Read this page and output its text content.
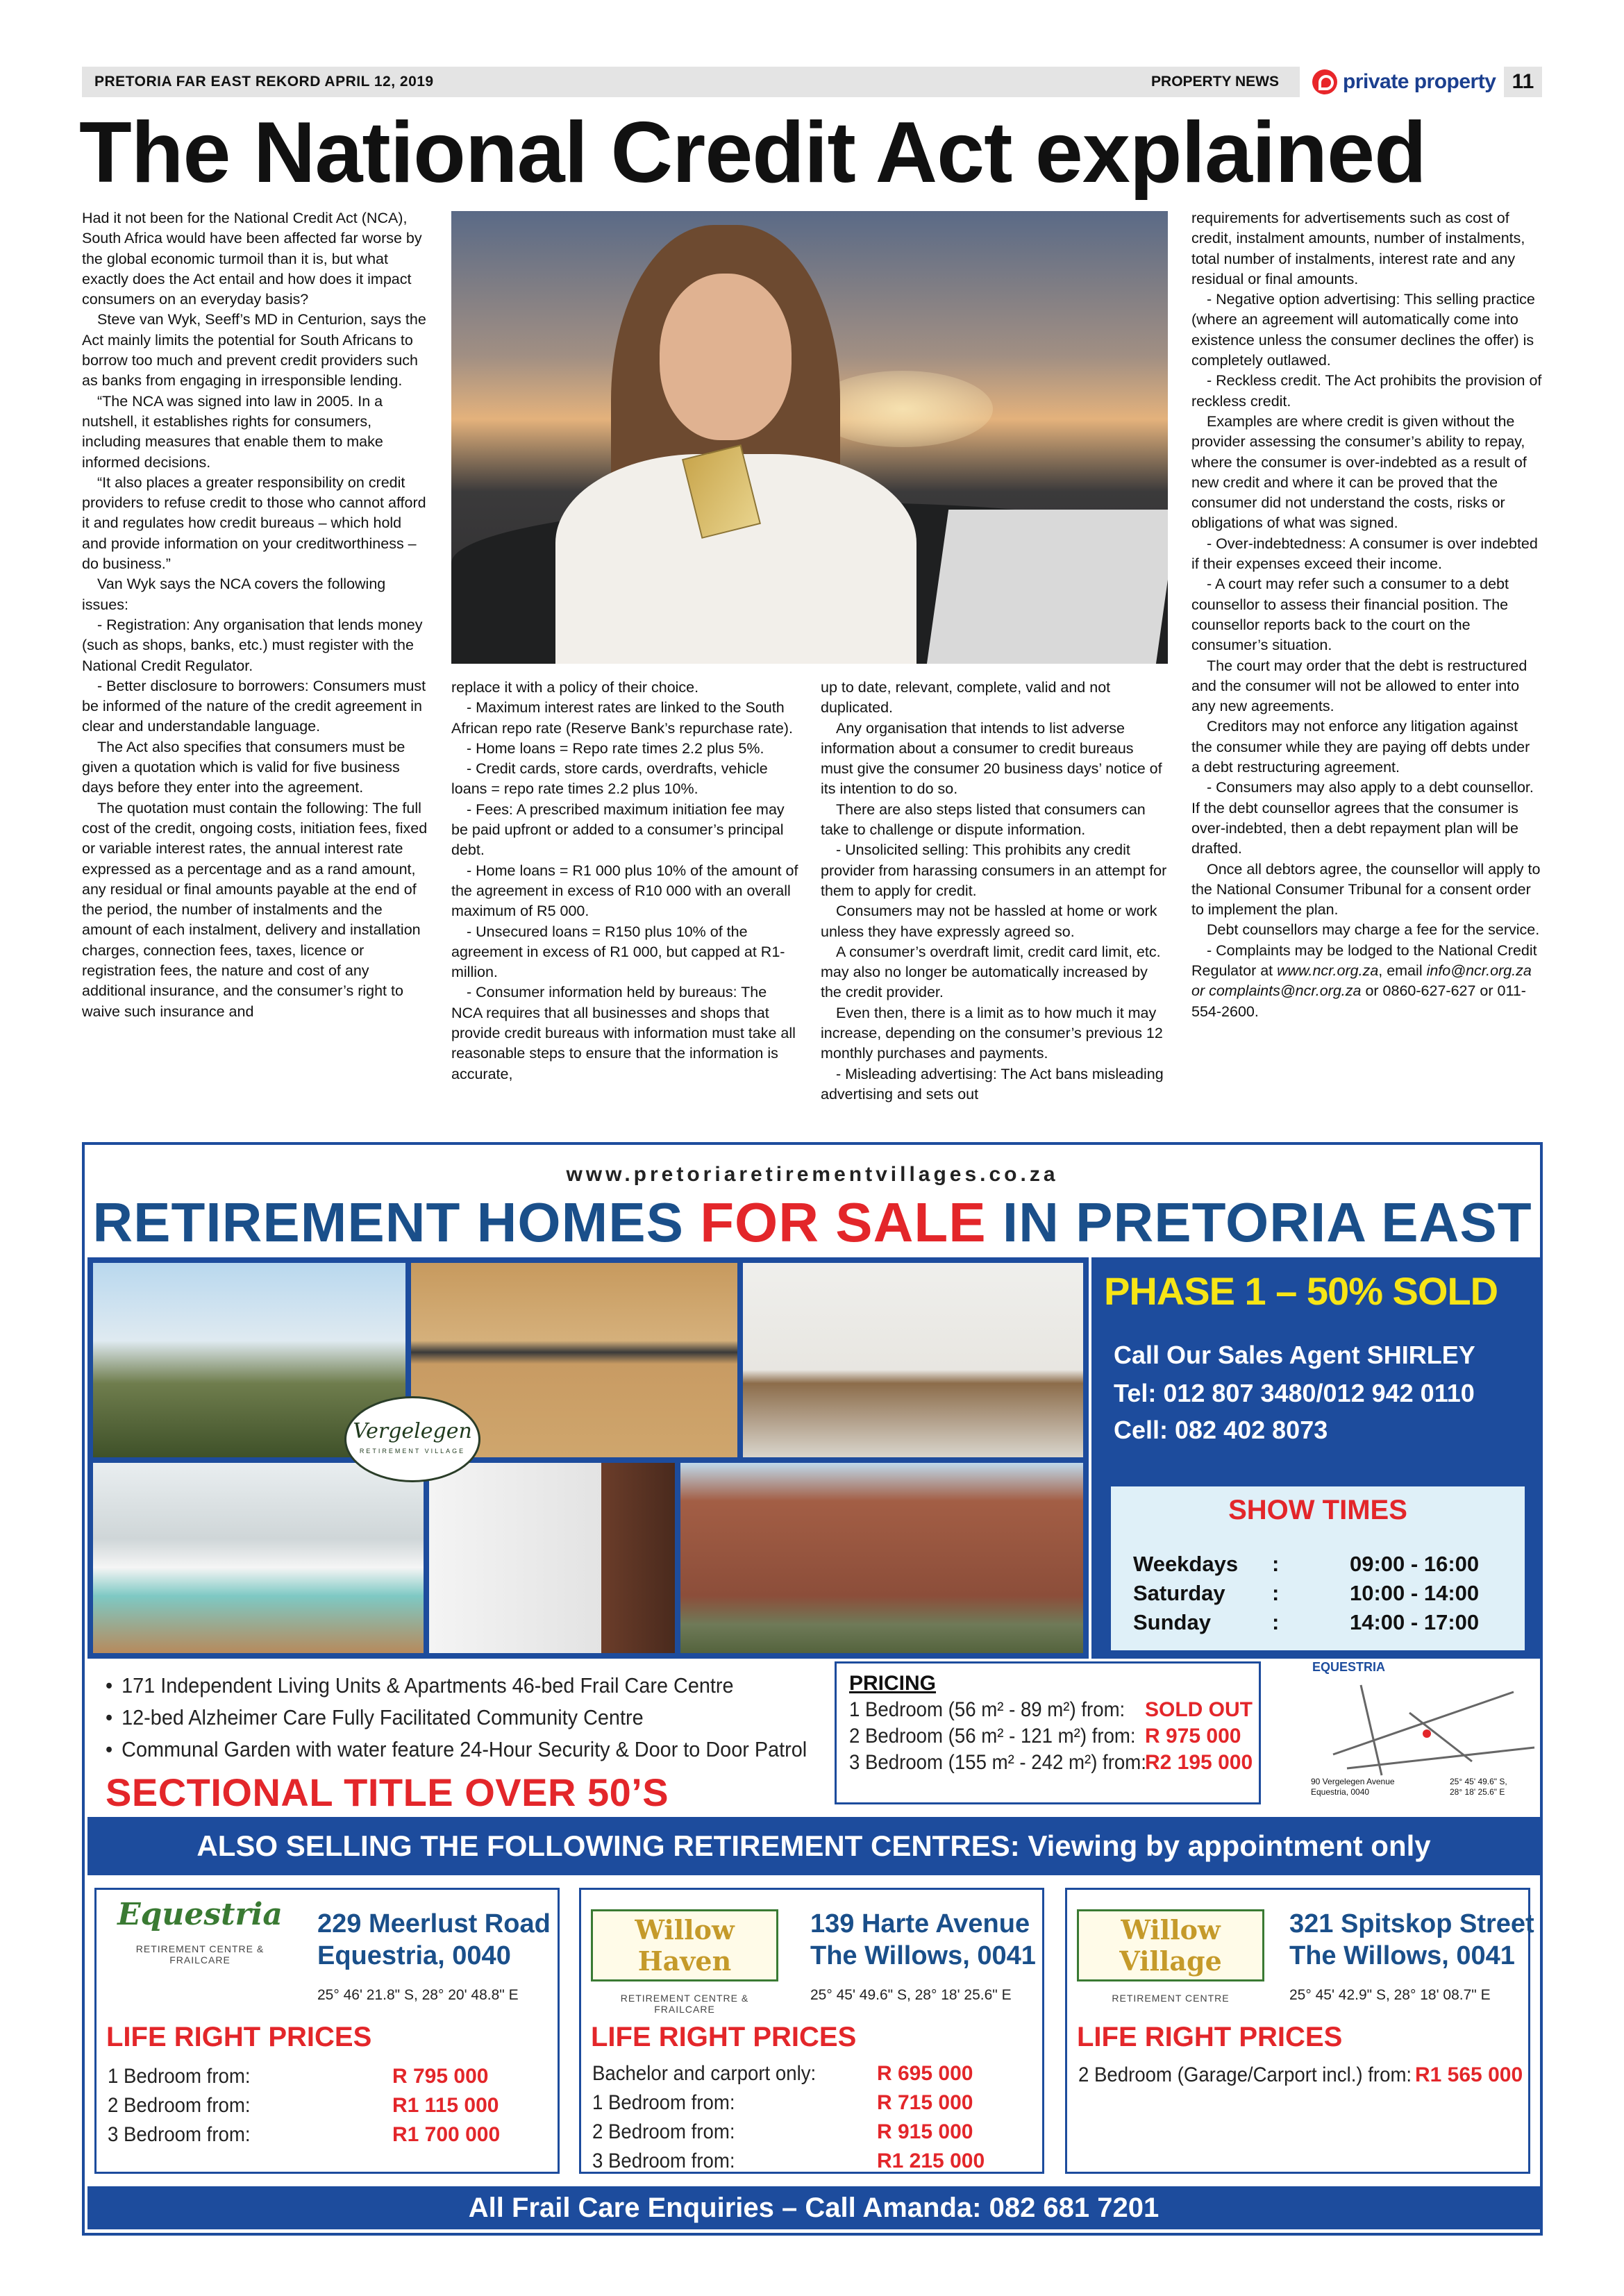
PRETORIA FAR EAST REKORD APRIL 12, 2019	PROPERTY NEWS	private property 11
The National Credit Act explained

Had it not been for the National Credit Act (NCA), South Africa would have been affected far worse by the global economic turmoil than it is, but what exactly does the Act entail and how does it impact consumers on an everyday basis?

Steve van Wyk, Seeff’s MD in Centurion, says the Act mainly limits the potential for South Africans to borrow too much and prevent credit providers such as banks from engaging in irresponsible lending.

“The NCA was signed into law in 2005. In a nutshell, it establishes rights for consumers, including measures that enable them to make informed decisions.

“It also places a greater responsibility on credit providers to refuse credit to those who cannot afford it and regulates how credit bureaus – which hold and provide information on your creditworthiness – do business.”

Van Wyk says the NCA covers the following issues:

- Registration: Any organisation that lends money (such as shops, banks, etc.) must register with the National Credit Regulator.

- Better disclosure to borrowers: Consumers must be informed of the nature of the credit agreement in clear and understandable language.

The Act also specifies that consumers must be given a quotation which is valid for five business days before they enter into the agreement.

The quotation must contain the following: The full cost of the credit, ongoing costs, initiation fees, fixed or variable interest rates, the annual interest rate expressed as a percentage and as a rand amount, any residual or final amounts payable at the end of the period, the number of instalments and the amount of each instalment, delivery and installation charges, connection fees, taxes, licence or registration fees, the nature and cost of any additional insurance, and the consumer’s right to waive such insurance and

replace it with a policy of their choice.

- Maximum interest rates are linked to the South African repo rate (Reserve Bank’s repurchase rate).

- Home loans = Repo rate times 2.2 plus 5%.

- Credit cards, store cards, overdrafts, vehicle loans = repo rate times 2.2 plus 10%.

- Fees: A prescribed maximum initiation fee may be paid upfront or added to a consumer’s principal debt.

- Home loans = R1 000 plus 10% of the amount of the agreement in excess of R10 000 with an overall maximum of R5 000.

- Unsecured loans = R150 plus 10% of the agreement in excess of R1 000, but capped at R1-million.

- Consumer information held by bureaus: The NCA requires that all businesses and shops that provide credit bureaus with information must take all reasonable steps to ensure that the information is accurate,

up to date, relevant, complete, valid and not duplicated.

Any organisation that intends to list adverse information about a consumer to credit bureaus must give the consumer 20 business days’ notice of its intention to do so.

There are also steps listed that consumers can take to challenge or dispute information.

- Unsolicited selling: This prohibits any credit provider from harassing consumers in an attempt for them to apply for credit.

Consumers may not be hassled at home or work unless they have expressly agreed so.

A consumer’s overdraft limit, credit card limit, etc. may also no longer be automatically increased by the credit provider.

Even then, there is a limit as to how much it may increase, depending on the consumer’s previous 12 monthly purchases and payments.

- Misleading advertising: The Act bans misleading advertising and sets out

requirements for advertisements such as cost of credit, instalment amounts, number of instalments, total number of instalments, interest rate and any residual or final amounts.

- Negative option advertising: This selling practice (where an agreement will automatically come into existence unless the consumer declines the offer) is completely outlawed.

- Reckless credit. The Act prohibits the provision of reckless credit.

Examples are where credit is given without the provider assessing the consumer’s ability to repay, where the consumer is over-indebted as a result of new credit and where it can be proved that the consumer did not understand the costs, risks or obligations of what was signed.

- Over-indebtedness: A consumer is over indebted if their expenses exceed their income.

- A court may refer such a consumer to a debt counsellor to assess their financial position. The counsellor reports back to the court on the consumer’s situation.

The court may order that the debt is restructured and the consumer will not be allowed to enter into any new agreements.

Creditors may not enforce any litigation against the consumer while they are paying off debts under a debt restructuring agreement.

- Consumers may also apply to a debt counsellor. If the debt counsellor agrees that the consumer is over-indebted, then a debt repayment plan will be drafted.

Once all debtors agree, the counsellor will apply to the National Consumer Tribunal for a consent order to implement the plan.

Debt counsellors may charge a fee for the service.

- Complaints may be lodged to the National Credit Regulator at www.ncr.org.za, email info@ncr.org.za or complaints@ncr.org.za or 0860-627-627 or 011-554-2600.

www.pretoriaretirementvillages.co.za
RETIREMENT HOMES FOR SALE IN PRETORIA EAST
Vergelegen
RETIREMENT VILLAGE
PHASE 1 – 50% SOLD
Call Our Sales Agent SHIRLEY
Tel: 012 807 3480/012 942 0110
Cell: 082 402 8073
SHOW TIMES
Weekdays :	09:00 - 16:00
Saturday :	10:00 - 14:00
Sunday	:	14:00 - 17:00
• 171 Independent Living Units & Apartments 46-bed Frail Care Centre
• 12-bed Alzheimer Care Fully Facilitated Community Centre
• Communal Garden with water feature 24-Hour Security & Door to Door Patrol
SECTIONAL TITLE OVER 50’S
PRICING
1 Bedroom (56 m² - 89 m²) from: SOLD OUT
2 Bedroom (56 m² - 121 m²) from: R 975 000
3 Bedroom (155 m² - 242 m²) from:
R2 195 000
EQUESTRIA
90 Vergelegen Avenue
Equestria, 0040
25° 45' 49.6" S,
28° 18' 25.6" E
ALSO SELLING THE FOLLOWING RETIREMENT CENTRES: Viewing by appointment only
Equestria
RETIREMENT CENTRE & FRAILCARE
229 Meerlust Road
Equestria, 0040
25° 46' 21.8" S, 28° 20' 48.8" E
LIFE RIGHT PRICES
1 Bedroom from:	R 795 000
2 Bedroom from:	R1 115 000
3 Bedroom from:	R1 700 000
Willow Haven
RETIREMENT CENTRE & FRAILCARE
139 Harte Avenue
The Willows, 0041
25° 45' 49.6" S, 28° 18' 25.6" E
LIFE RIGHT PRICES
Bachelor and carport only:	R 695 000
1 Bedroom from:	R 715 000
2 Bedroom from:	R 915 000
3 Bedroom from:	R1 215 000
Willow Village
RETIREMENT CENTRE
321 Spitskop Street
The Willows, 0041
25° 45' 42.9" S, 28° 18' 08.7" E
LIFE RIGHT PRICES
2 Bedroom (Garage/Carport incl.) from: R1 565 000
All Frail Care Enquiries – Call Amanda: 082 681 7201
